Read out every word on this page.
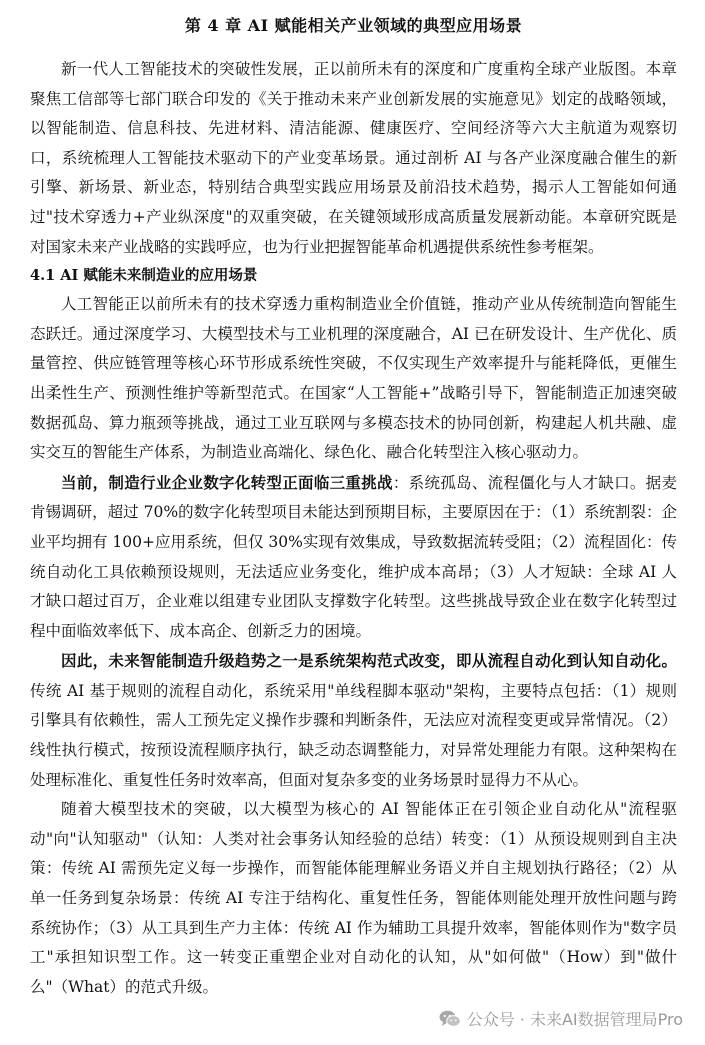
第 4 章 AI 赋能相关产业领域的典型应用场景

新一代人工智能技术的突破性发展，正以前所未有的深度和广度重构全球产业版图。本章聚焦工信部等七部门联合印发的《关于推动未来产业创新发展的实施意见》划定的战略领域，以智能制造、信息科技、先进材料、清洁能源、健康医疗、空间经济等六大主航道为观察切口，系统梳理人工智能技术驱动下的产业变革场景。通过剖析 AI 与各产业深度融合催生的新引擎、新场景、新业态，特别结合典型实践应用场景及前沿技术趋势，揭示人工智能如何通过"技术穿透力+产业纵深度"的双重突破，在关键领域形成高质量发展新动能。本章研究既是对国家未来产业战略的实践呼应，也为行业把握智能革命机遇提供系统性参考框架。

4.1 AI 赋能未来制造业的应用场景

人工智能正以前所未有的技术穿透力重构制造业全价值链，推动产业从传统制造向智能生态跃迁。通过深度学习、大模型技术与工业机理的深度融合，AI 已在研发设计、生产优化、质量管控、供应链管理等核心环节形成系统性突破，不仅实现生产效率提升与能耗降低，更催生出柔性生产、预测性维护等新型范式。在国家“人工智能+”战略引导下，智能制造正加速突破数据孤岛、算力瓶颈等挑战，通过工业互联网与多模态技术的协同创新，构建起人机共融、虚实交互的智能生产体系，为制造业高端化、绿色化、融合化转型注入核心驱动力。

当前，制造行业企业数字化转型正面临三重挑战：系统孤岛、流程僵化与人才缺口。据麦肯锡调研，超过 70%的数字化转型项目未能达到预期目标，主要原因在于：（1）系统割裂：企业平均拥有 100+应用系统，但仅 30%实现有效集成，导致数据流转受阻；（2）流程固化：传统自动化工具依赖预设规则，无法适应业务变化，维护成本高昂；（3）人才短缺：全球 AI 人才缺口超过百万，企业难以组建专业团队支撑数字化转型。这些挑战导致企业在数字化转型过程中面临效率低下、成本高企、创新乏力的困境。

因此，未来智能制造升级趋势之一是系统架构范式改变，即从流程自动化到认知自动化。传统 AI 基于规则的流程自动化，系统采用"单线程脚本驱动"架构，主要特点包括：（1）规则引擎具有依赖性，需人工预先定义操作步骤和判断条件，无法应对流程变更或异常情况。（2）线性执行模式，按预设流程顺序执行，缺乏动态调整能力，对异常处理能力有限。这种架构在处理标准化、重复性任务时效率高，但面对复杂多变的业务场景时显得力不从心。

随着大模型技术的突破，以大模型为核心的 AI 智能体正在引领企业自动化从"流程驱动"向"认知驱动"（认知：人类对社会事务认知经验的总结）转变：（1）从预设规则到自主决策：传统 AI 需预先定义每一步操作，而智能体能理解业务语义并自主规划执行路径；（2）从单一任务到复杂场景：传统 AI 专注于结构化、重复性任务，智能体则能处理开放性问题与跨系统协作；（3）从工具到生产力主体：传统 AI 作为辅助工具提升效率，智能体则作为"数字员工"承担知识型工作。这一转变正重塑企业对自动化的认知，从"如何做"（How）到"做什么"（What）的范式升级。

公众号 · 未来AI数据管理局Pro
